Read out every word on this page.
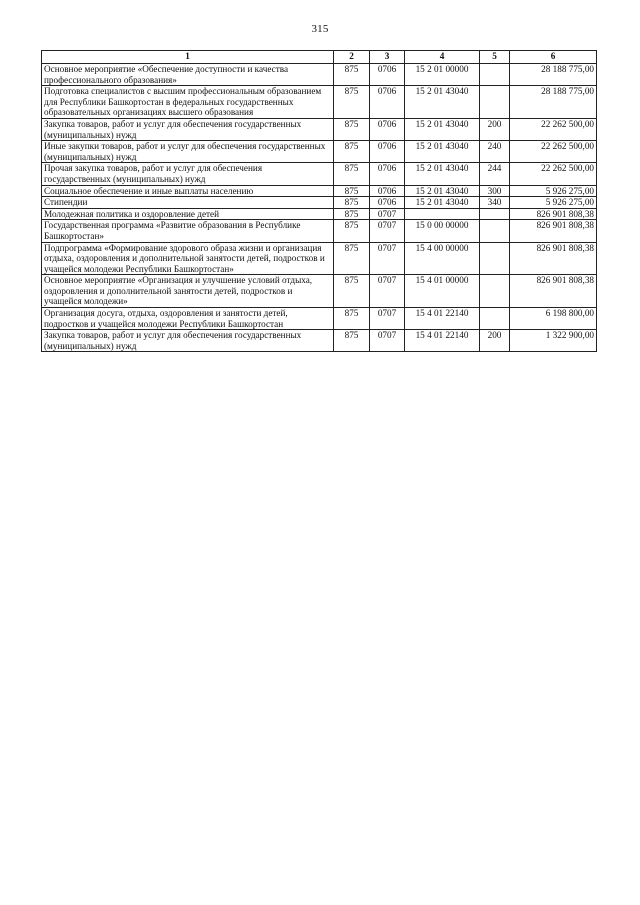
315
1	2	3	4	5	6
Основное мероприятие «Обеспечение доступности и качества профессионального образования»	875	0706	15 2 01 00000		28 188 775,00
Подготовка специалистов с высшим профессиональным образованием для Республики Башкортостан в федеральных государственных образовательных организациях высшего образования	875	0706	15 2 01 43040		28 188 775,00
Закупка товаров, работ и услуг для обеспечения государственных (муниципальных) нужд	875	0706	15 2 01 43040	200	22 262 500,00
Иные закупки товаров, работ и услуг для обеспечения государственных (муниципальных) нужд	875	0706	15 2 01 43040	240	22 262 500,00
Прочая закупка товаров, работ и услуг для обеспечения государственных (муниципальных) нужд	875	0706	15 2 01 43040	244	22 262 500,00
Социальное обеспечение и иные выплаты населению	875	0706	15 2 01 43040	300	5 926 275,00
Стипендии	875	0706	15 2 01 43040	340	5 926 275,00
Молодежная политика и оздоровление детей	875	0707			826 901 808,38
Государственная программа «Развитие образования в Республике Башкортостан»	875	0707	15 0 00 00000		826 901 808,38
Подпрограмма «Формирование здорового образа жизни и организация отдыха, оздоровления и дополнительной занятости детей, подростков и учащейся молодежи Республики Башкортостан»	875	0707	15 4 00 00000		826 901 808,38
Основное мероприятие «Организация и улучшение условий отдыха, оздоровления и дополнительной занятости детей, подростков и учащейся молодежи»	875	0707	15 4 01 00000		826 901 808,38
Организация досуга, отдыха, оздоровления и занятости детей, подростков и учащейся молодежи Республики Башкортостан	875	0707	15 4 01 22140		6 198 800,00
Закупка товаров, работ и услуг для обеспечения государственных (муниципальных) нужд	875	0707	15 4 01 22140	200	1 322 900,00
